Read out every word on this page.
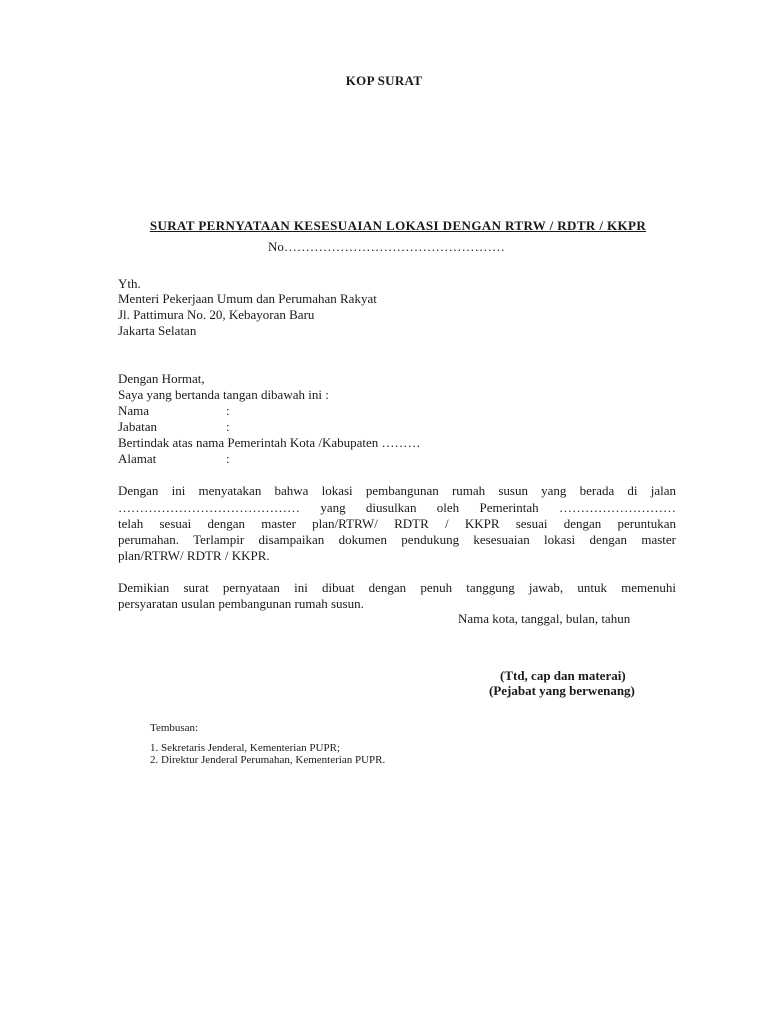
KOP SURAT
SURAT PERNYATAAN KESESUAIAN LOKASI DENGAN RTRW / RDTR / KKPR
No……………………………………………
Yth.
Menteri Pekerjaan Umum dan Perumahan Rakyat
Jl. Pattimura No. 20, Kebayoran Baru
Jakarta Selatan
Dengan Hormat,
Saya yang bertanda tangan dibawah ini :
Nama	:
Jabatan	:
Bertindak atas nama Pemerintah Kota /Kabupaten ………
Alamat	:
Dengan ini menyatakan bahwa lokasi pembangunan rumah susun yang berada di jalan
…………………………………… yang diusulkan oleh Pemerintah ………………………
telah sesuai dengan master plan/RTRW/ RDTR / KKPR sesuai dengan peruntukan
perumahan. Terlampir disampaikan dokumen pendukung kesesuaian lokasi dengan master
plan/RTRW/ RDTR / KKPR.
Demikian surat pernyataan ini dibuat dengan penuh tanggung jawab, untuk memenuhi
persyaratan usulan pembangunan rumah susun.
Nama kota, tanggal, bulan, tahun
(Ttd, cap dan materai)
(Pejabat yang berwenang)
Tembusan:
1. Sekretaris Jenderal, Kementerian PUPR;
2. Direktur Jenderal Perumahan, Kementerian PUPR.
